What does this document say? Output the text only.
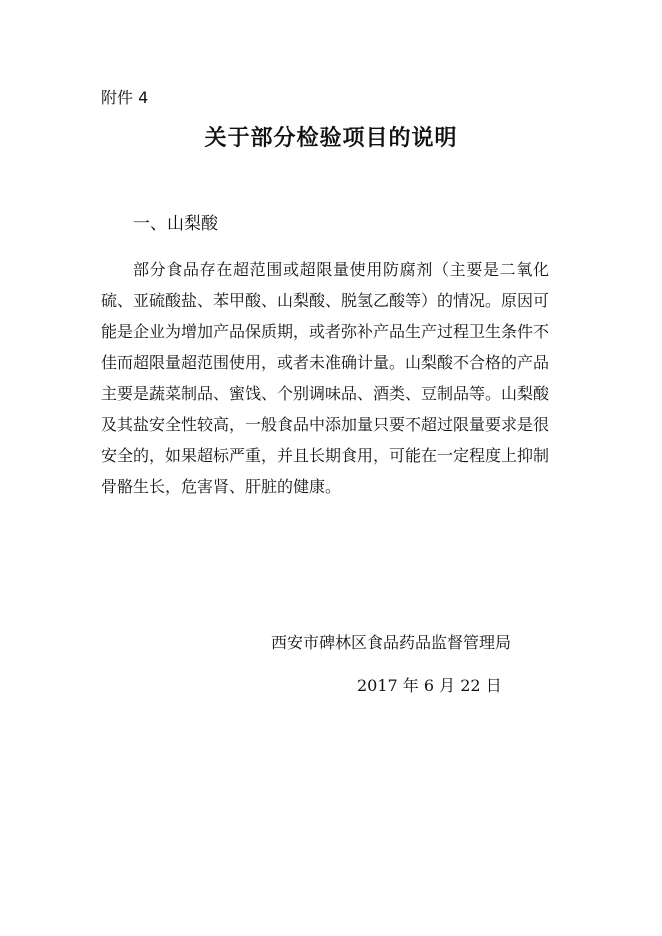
附件 4
关于部分检验项目的说明
一、山梨酸

部分食品存在超范围或超限量使用防腐剂（主要是二氧化硫、亚硫酸盐、苯甲酸、山梨酸、脱氢乙酸等）的情况。原因可能是企业为增加产品保质期，或者弥补产品生产过程卫生条件不佳而超限量超范围使用，或者未准确计量。山梨酸不合格的产品主要是蔬菜制品、蜜饯、个别调味品、酒类、豆制品等。山梨酸及其盐安全性较高，一般食品中添加量只要不超过限量要求是很安全的，如果超标严重，并且长期食用，可能在一定程度上抑制骨骼生长，危害肾、肝脏的健康。

西安市碑林区食品药品监督管理局
2017 年 6 月 22 日
